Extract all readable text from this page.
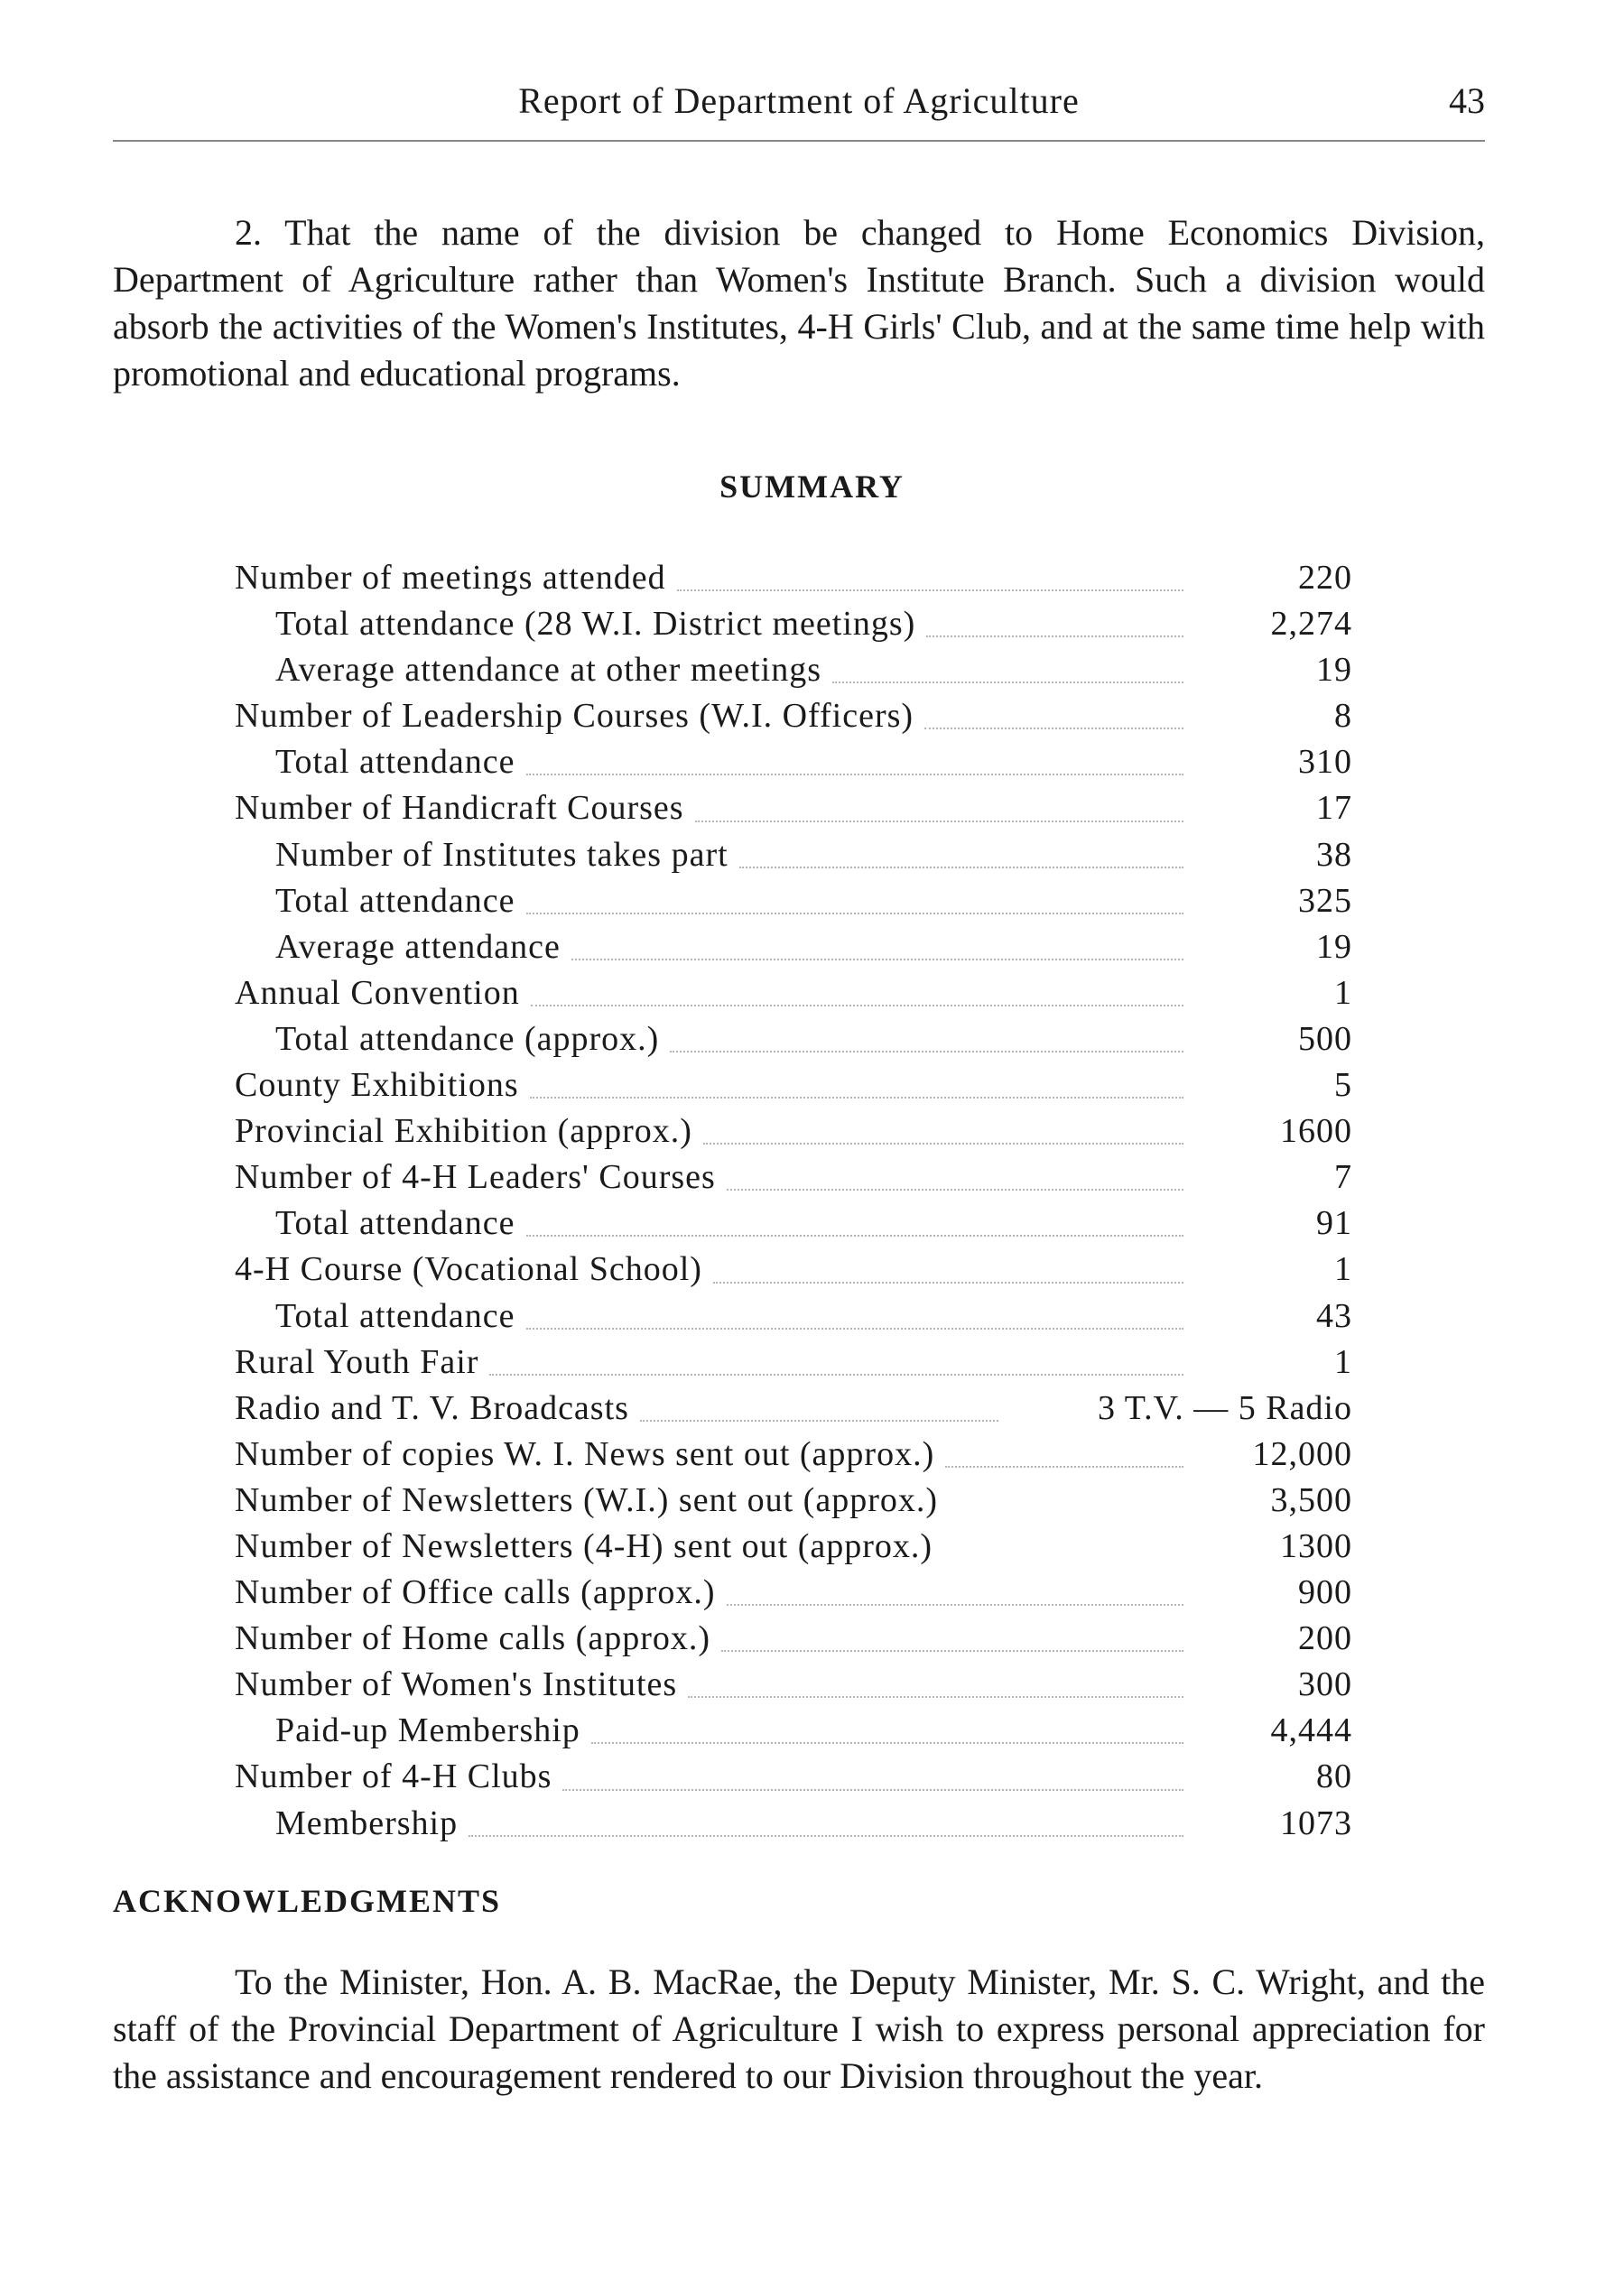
Report of Department of Agriculture	43

2. That the name of the division be changed to Home Economics Division, Department of Agriculture rather than Women's Institute Branch. Such a division would absorb the activities of the Women's Institutes, 4-H Girls' Club, and at the same time help with promotional and educational programs.

SUMMARY
Number of meetings attended	220
Total attendance (28 W.I. District meetings)	2,274
Average attendance at other meetings	19
Number of Leadership Courses (W.I. Officers)	8
Total attendance	310
Number of Handicraft Courses	17
Number of Institutes takes part	38
Total attendance	325
Average attendance	19
Annual Convention	1
Total attendance (approx.)	500
County Exhibitions	5
Provincial Exhibition (approx.)	1600
Number of 4-H Leaders' Courses	7
Total attendance	91
4-H Course (Vocational School)	1
Total attendance	43
Rural Youth Fair	1
Radio and T. V. Broadcasts	3 T.V. — 5 Radio
Number of copies W. I. News sent out (approx.)	12,000
Number of Newsletters (W.I.) sent out (approx.)	3,500
Number of Newsletters (4-H) sent out (approx.)	1300
Number of Office calls (approx.)	900
Number of Home calls (approx.)	200
Number of Women's Institutes	300
Paid-up Membership	4,444
Number of 4-H Clubs	80
Membership	1073
ACKNOWLEDGMENTS

To the Minister, Hon. A. B. MacRae, the Deputy Minister, Mr. S. C. Wright, and the staff of the Provincial Department of Agriculture I wish to express personal appreciation for the assistance and encouragement rendered to our Division throughout the year.
